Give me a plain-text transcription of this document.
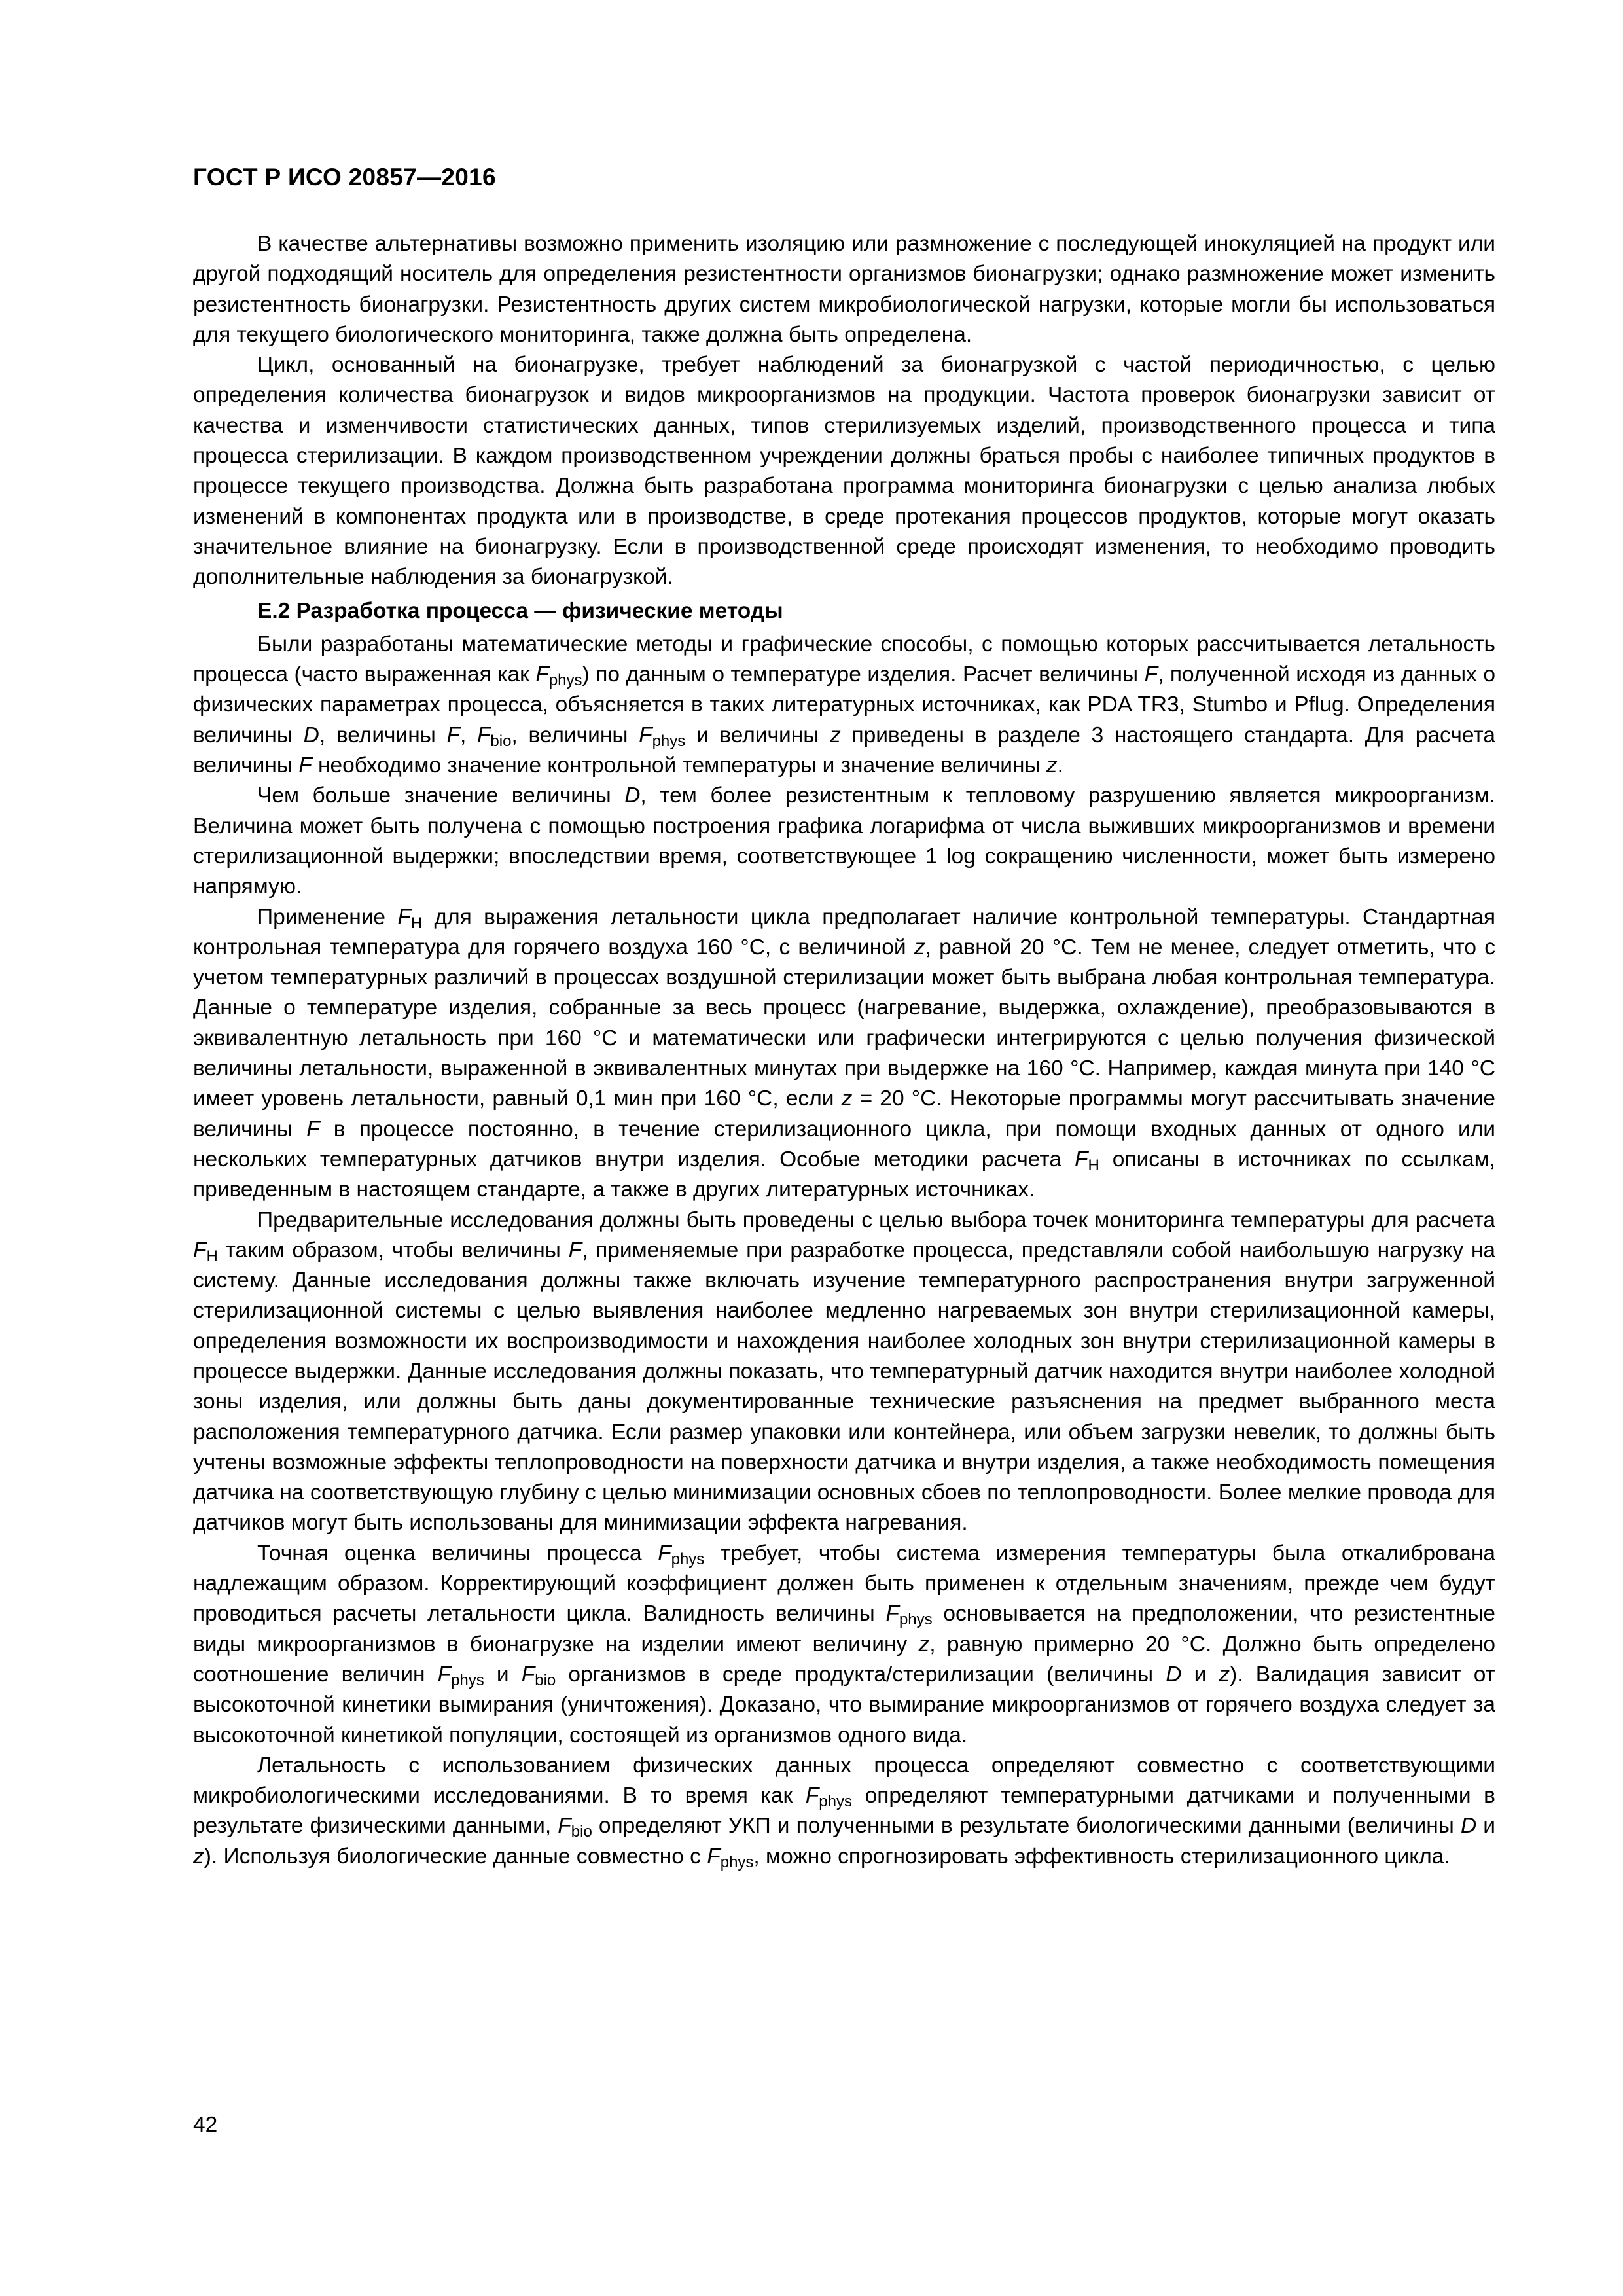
ГОСТ Р ИСО 20857—2016

В качестве альтернативы возможно применить изоляцию или размножение с последующей инокуляцией на продукт или другой подходящий носитель для определения резистентности организмов бионагрузки; однако размножение может изменить резистентность бионагрузки. Резистентность других систем микробиологической нагрузки, которые могли бы использоваться для текущего биологического мониторинга, также должна быть определена.

Цикл, основанный на бионагрузке, требует наблюдений за бионагрузкой с частой периодичностью, с целью определения количества бионагрузок и видов микроорганизмов на продукции. Частота проверок бионагрузки зависит от качества и изменчивости статистических данных, типов стерилизуемых изделий, производственного процесса и типа процесса стерилизации. В каждом производственном учреждении должны браться пробы с наиболее типичных продуктов в процессе текущего производства. Должна быть разработана программа мониторинга бионагрузки с целью анализа любых изменений в компонентах продукта или в производстве, в среде протекания процессов продуктов, которые могут оказать значительное влияние на бионагрузку. Если в производственной среде происходят изменения, то необходимо проводить дополнительные наблюдения за бионагрузкой.

Е.2 Разработка процесса — физические методы

Были разработаны математические методы и графические способы, с помощью которых рассчитывается летальность процесса (часто выраженная как $F_{phys}$) по данным о температуре изделия. Расчет величины F, полученной исходя из данных о физических параметрах процесса, объясняется в таких литературных источниках, как PDA TR3, Stumbo и Pflug. Определения величины D, величины F, $F_{bio}$, величины $F_{phys}$ и величины z приведены в разделе 3 настоящего стандарта. Для расчета величины F необходимо значение контрольной температуры и значение величины z.

Чем больше значение величины D, тем более резистентным к тепловому разрушению является микроорганизм. Величина может быть получена с помощью построения графика логарифма от числа выживших микроорганизмов и времени стерилизационной выдержки; впоследствии время, соответствующее 1 log сокращению численности, может быть измерено напрямую.

Применение $F_H$ для выражения летальности цикла предполагает наличие контрольной температуры. Стандартная контрольная температура для горячего воздуха 160 °С, с величиной z, равной 20 °С. Тем не менее, следует отметить, что с учетом температурных различий в процессах воздушной стерилизации может быть выбрана любая контрольная температура. Данные о температуре изделия, собранные за весь процесс (нагревание, выдержка, охлаждение), преобразовываются в эквивалентную летальность при 160 °С и математически или графически интегрируются с целью получения физической величины летальности, выраженной в эквивалентных минутах при выдержке на 160 °С. Например, каждая минута при 140 °С имеет уровень летальности, равный 0,1 мин при 160 °С, если z = 20 °С. Некоторые программы могут рассчитывать значение величины F в процессе постоянно, в течение стерилизационного цикла, при помощи входных данных от одного или нескольких температурных датчиков внутри изделия. Особые методики расчета $F_H$ описаны в источниках по ссылкам, приведенным в настоящем стандарте, а также в других литературных источниках.

Предварительные исследования должны быть проведены с целью выбора точек мониторинга температуры для расчета $F_H$ таким образом, чтобы величины F, применяемые при разработке процесса, представляли собой наибольшую нагрузку на систему. Данные исследования должны также включать изучение температурного распространения внутри загруженной стерилизационной системы с целью выявления наиболее медленно нагреваемых зон внутри стерилизационной камеры, определения возможности их воспроизводимости и нахождения наиболее холодных зон внутри стерилизационной камеры в процессе выдержки. Данные исследования должны показать, что температурный датчик находится внутри наиболее холодной зоны изделия, или должны быть даны документированные технические разъяснения на предмет выбранного места расположения температурного датчика. Если размер упаковки или контейнера, или объем загрузки невелик, то должны быть учтены возможные эффекты теплопроводности на поверхности датчика и внутри изделия, а также необходимость помещения датчика на соответствующую глубину с целью минимизации основных сбоев по теплопроводности. Более мелкие провода для датчиков могут быть использованы для минимизации эффекта нагревания.

Точная оценка величины процесса $F_{phys}$ требует, чтобы система измерения температуры была откалибрована надлежащим образом. Корректирующий коэффициент должен быть применен к отдельным значениям, прежде чем будут проводиться расчеты летальности цикла. Валидность величины $F_{phys}$ основывается на предположении, что резистентные виды микроорганизмов в бионагрузке на изделии имеют величину z, равную примерно 20 °С. Должно быть определено соотношение величин $F_{phys}$ и $F_{bio}$ организмов в среде продукта/стерилизации (величины D и z). Валидация зависит от высокоточной кинетики вымирания (уничтожения). Доказано, что вымирание микроорганизмов от горячего воздуха следует за высокоточной кинетикой популяции, состоящей из организмов одного вида.

Летальность с использованием физических данных процесса определяют совместно с соответствующими микробиологическими исследованиями. В то время как $F_{phys}$ определяют температурными датчиками и полученными в результате физическими данными, $F_{bio}$ определяют УКП и полученными в результате биологическими данными (величины D и z). Используя биологические данные совместно с $F_{phys}$, можно спрогнозировать эффективность стерилизационного цикла.

42
